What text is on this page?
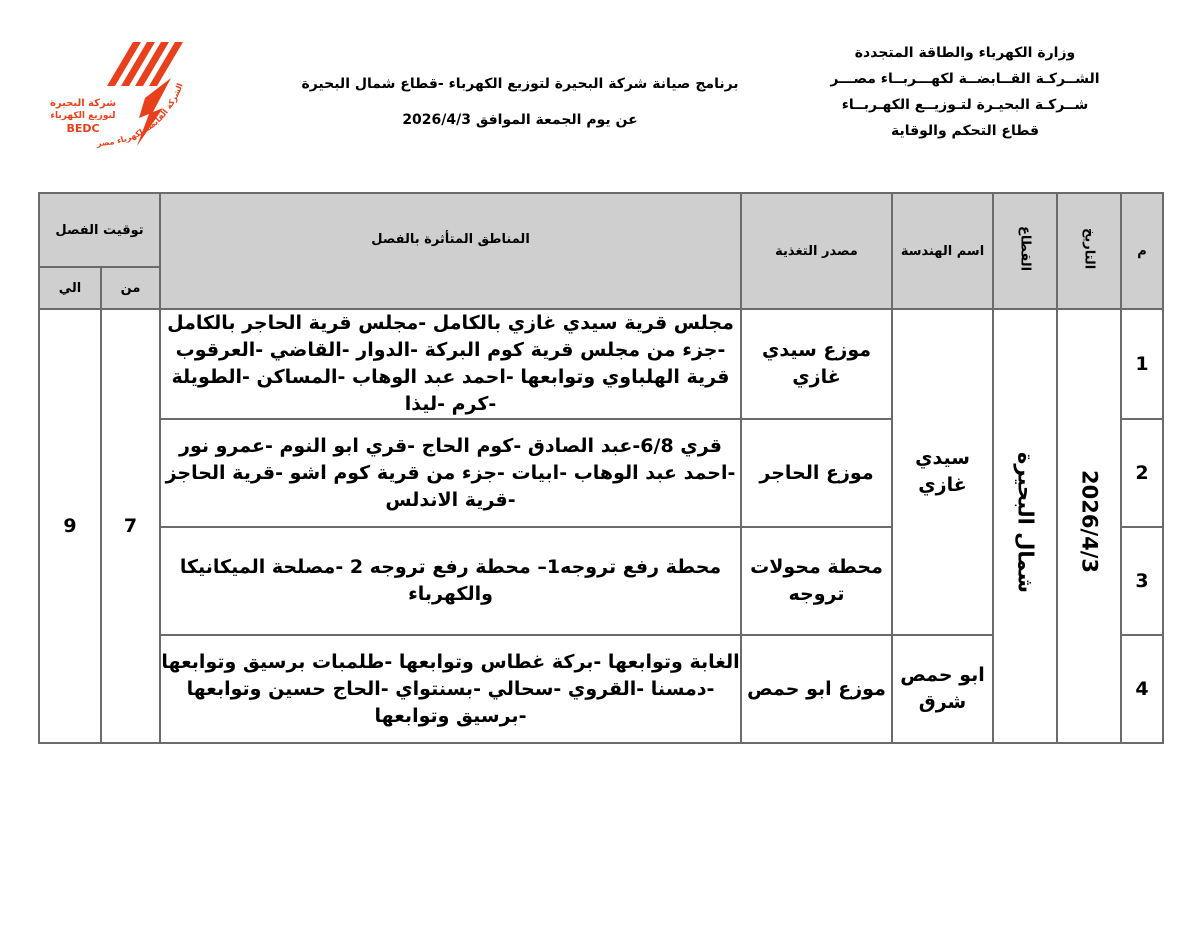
وزارة الكهرباء والطاقة المتجددة
الشــركـة القــابضــة لكهـــربــاء مصـــر
شــركـة البحيـرة لتـوزيــع الكهـربــاء
قطاع التحكم والوقاية
برنامج صيانة شركة البحيرة لتوزيع الكهرباء -قطاع شمال البحيرة
عن يوم الجمعة الموافق 2026/4/3
شركة البحيرة
لتوزيع الكهرباء
BEDC
الشركة القابضة لكهرباء مصر
م	التاريخ	القطاع	اسم الهندسة	مصدر التغذية	المناطق المتأثرة بالفصل	توقيت الفصل	
						من	الي
1	2026/4/3	شمال البحيرة	سيدي غازي	موزع سيدي غازي	مجلس قرية سيدي غازي بالكامل -مجلس قرية الحاجر بالكامل -جزء من مجلس قرية كوم البركة -الدوار -القاضي -العرقوب قرية الهلباوي وتوابعها -احمد عبد الوهاب -المساكن -الطويلة -كرم -ليذا	7	9
2				موزع الحاجر	قري 6/8-عبد الصادق -كوم الحاج -قري ابو النوم -عمرو نور -احمد عبد الوهاب -ابيات -جزء من قرية كوم اشو -قرية الحاجز -قرية الاندلس		
3				محطة محولات تروجه	محطة رفع تروجه1– محطة رفع تروجه 2 -مصلحة الميكانيكا والكهرباء		
4			ابو حمص شرق	موزع ابو حمص	الغابة وتوابعها -بركة غطاس وتوابعها -طلمبات برسيق وتوابعها -دمسنا -القروي -سحالي -بسنتواي -الحاج حسين وتوابعها -برسيق وتوابعها		
